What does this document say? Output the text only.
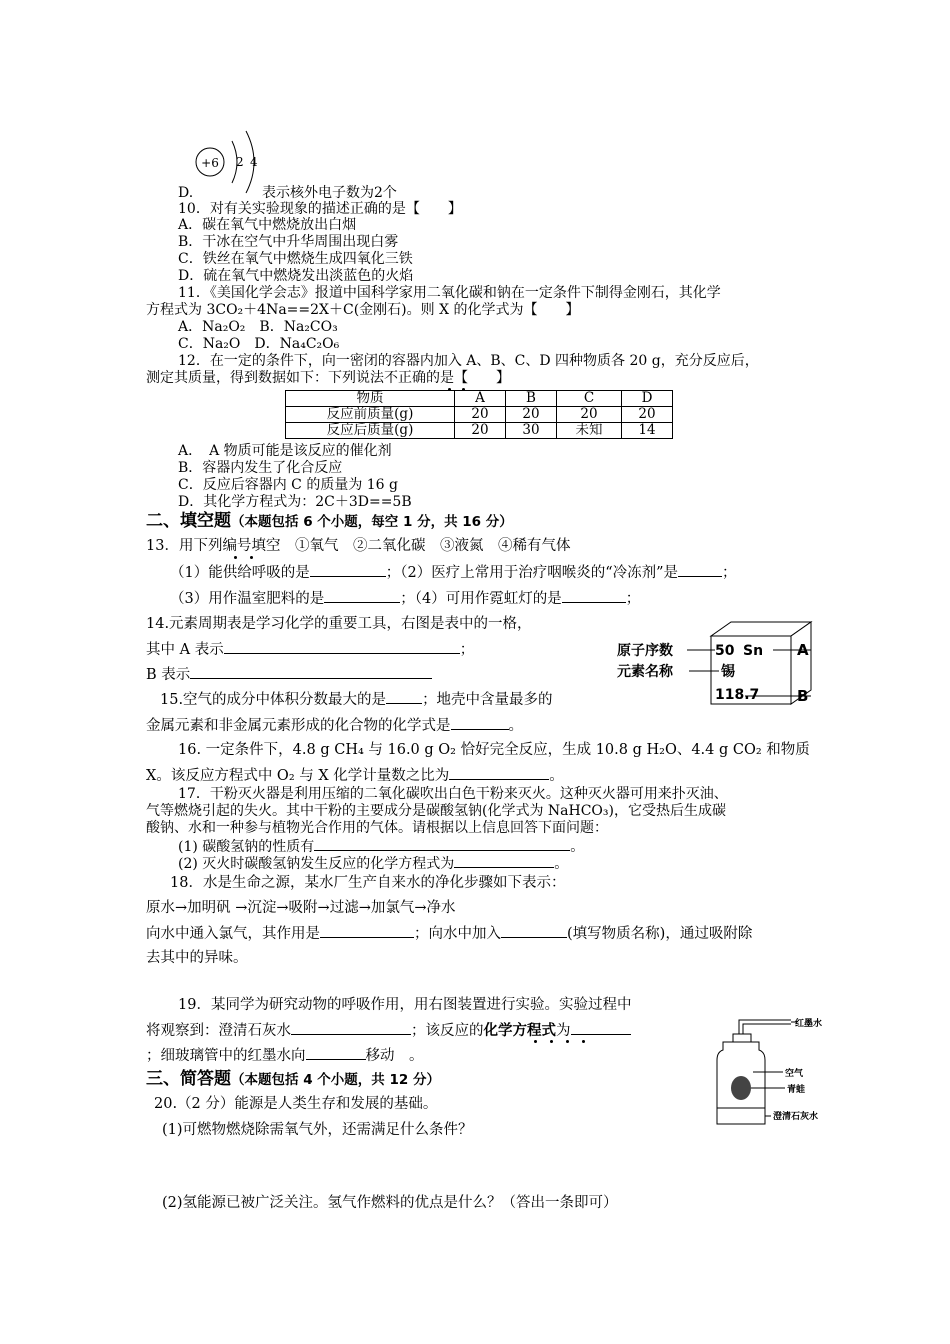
+6 2 4
D.	表示核外电子数为2个
10．对有关实验现象的描述正确的是【　　】
A．碳在氧气中燃烧放出白烟
B．干冰在空气中升华周围出现白雾
C．铁丝在氧气中燃烧生成四氧化三铁
D．硫在氧气中燃烧发出淡蓝色的火焰
11．《美国化学会志》报道中国科学家用二氧化碳和钠在一定条件下制得金刚石，其化学
方程式为 3CO₂＋4Na==2X＋C(金刚石)。则 X 的化学式为【　　】
A．Na₂O₂　B．Na₂CO₃
C．Na₂O　D．Na₄C₂O₆
12．在一定的条件下，向一密闭的容器内加入 A、B、C、D 四种物质各 20 g，充分反应后，
测定其质量，得到数据如下：下列说法不正确的是【　　】
物质	A	B	C	D
反应前质量(g)	20	20	20	20
反应后质量(g)	20	30	未知	14
A．　A 物质可能是该反应的催化剂
B．容器内发生了化合反应
C．反应后容器内 C 的质量为 16 g
D．其化学方程式为：2C＋3D==5B
二、填空题（本题包括 6 个小题，每空 1 分，共 16 分）
13．用下列编号填空　①氧气　②二氧化碳　③液氮　④稀有气体
（1）能供给呼吸的是	；（2）医疗上常用于治疗咽喉炎的“冷冻剂”是	；
（3）用作温室肥料的是	；（4）可用作霓虹灯的是	；
14.元素周期表是学习化学的重要工具，右图是表中的一格，
其中 A 表示	；
B 表示
原子序数
元素名称
50 Sn
锡
118.7
A
B
15.空气的成分中体积分数最大的是 ；地壳中含量最多的
金属元素和非金属元素形成的化合物的化学式是	。
16. 一定条件下，4.8 g CH₄ 与 16.0 g O₂ 恰好完全反应，生成 10.8 g H₂O、4.4 g CO₂ 和物质
X。该反应方程式中 O₂ 与 X 化学计量数之比为	。
17．干粉灭火器是利用压缩的二氧化碳吹出白色干粉来灭火。这种灭火器可用来扑灭油、
气等燃烧引起的失火。其中干粉的主要成分是碳酸氢钠(化学式为 NaHCO₃)，它受热后生成碳
酸钠、水和一种参与植物光合作用的气体。请根据以上信息回答下面问题：
(1) 碳酸氢钠的性质有	。
(2) 灭火时碳酸氢钠发生反应的化学方程式为	。
18．水是生命之源，某水厂生产自来水的净化步骤如下表示：
原水→加明矾 →沉淀→吸附→过滤→加氯气→净水
向水中通入氯气，其作用是	；向水中加入	(填写物质名称)，通过吸附除
去其中的异味。
19．某同学为研究动物的呼吸作用，用右图装置进行实验。实验过程中
将观察到：澄清石灰水	；该反应的化学方程式为
；细玻璃管中的红墨水向	移动　。
红墨水
空气
青蛙
澄清石灰水
三、简答题（本题包括 4 个小题，共 12 分）
20.（2 分）能源是人类生存和发展的基础。
(1)可燃物燃烧除需氧气外，还需满足什么条件？
(2)氢能源已被广泛关注。氢气作燃料的优点是什么？（答出一条即可）
